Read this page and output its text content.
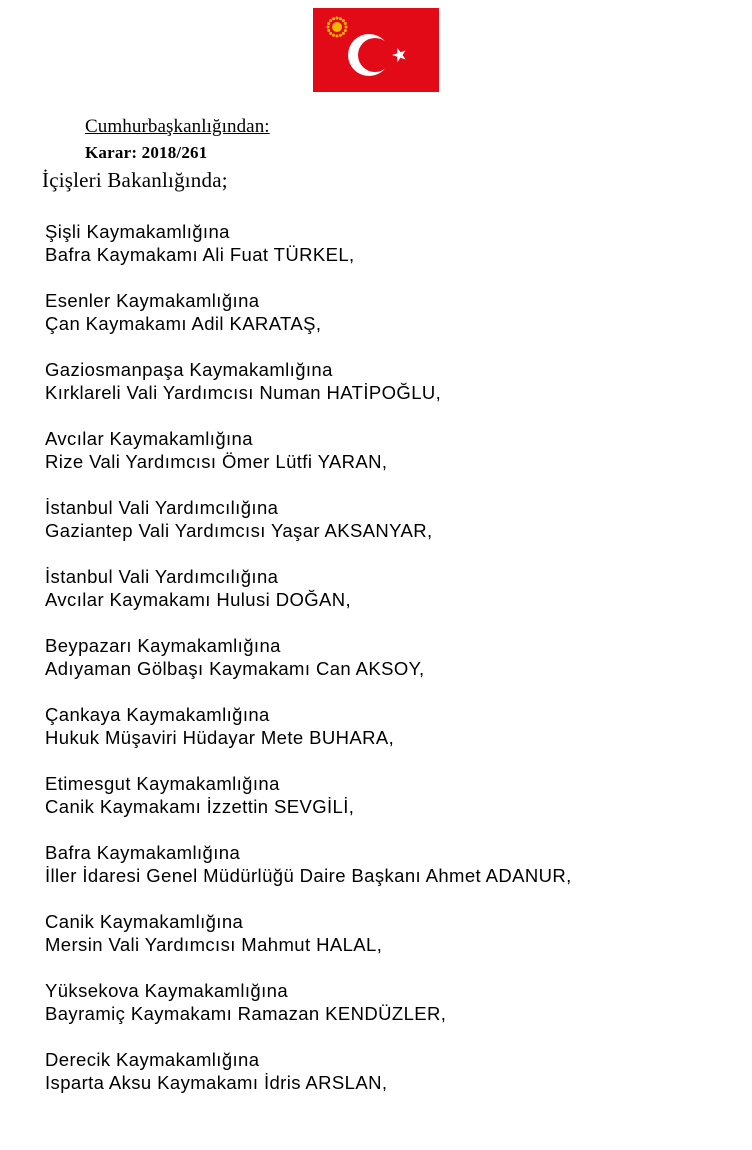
Cumhurbaşkanlığından:
Karar: 2018/261
İçişleri Bakanlığında;
Şişli Kaymakamlığına
Bafra Kaymakamı Ali Fuat TÜRKEL,
Esenler Kaymakamlığına
Çan Kaymakamı Adil KARATAŞ,
Gaziosmanpaşa Kaymakamlığına
Kırklareli Vali Yardımcısı Numan HATİPOĞLU,
Avcılar Kaymakamlığına
Rize Vali Yardımcısı Ömer Lütfi YARAN,
İstanbul Vali Yardımcılığına
Gaziantep Vali Yardımcısı Yaşar AKSANYAR,
İstanbul Vali Yardımcılığına
Avcılar Kaymakamı Hulusi DOĞAN,
Beypazarı Kaymakamlığına
Adıyaman Gölbaşı Kaymakamı Can AKSOY,
Çankaya Kaymakamlığına
Hukuk Müşaviri Hüdayar Mete BUHARA,
Etimesgut Kaymakamlığına
Canik Kaymakamı İzzettin SEVGİLİ,
Bafra Kaymakamlığına
İller İdaresi Genel Müdürlüğü Daire Başkanı Ahmet ADANUR,
Canik Kaymakamlığına
Mersin Vali Yardımcısı Mahmut HALAL,
Yüksekova Kaymakamlığına
Bayramiç Kaymakamı Ramazan KENDÜZLER,
Derecik Kaymakamlığına
Isparta Aksu Kaymakamı İdris ARSLAN,
